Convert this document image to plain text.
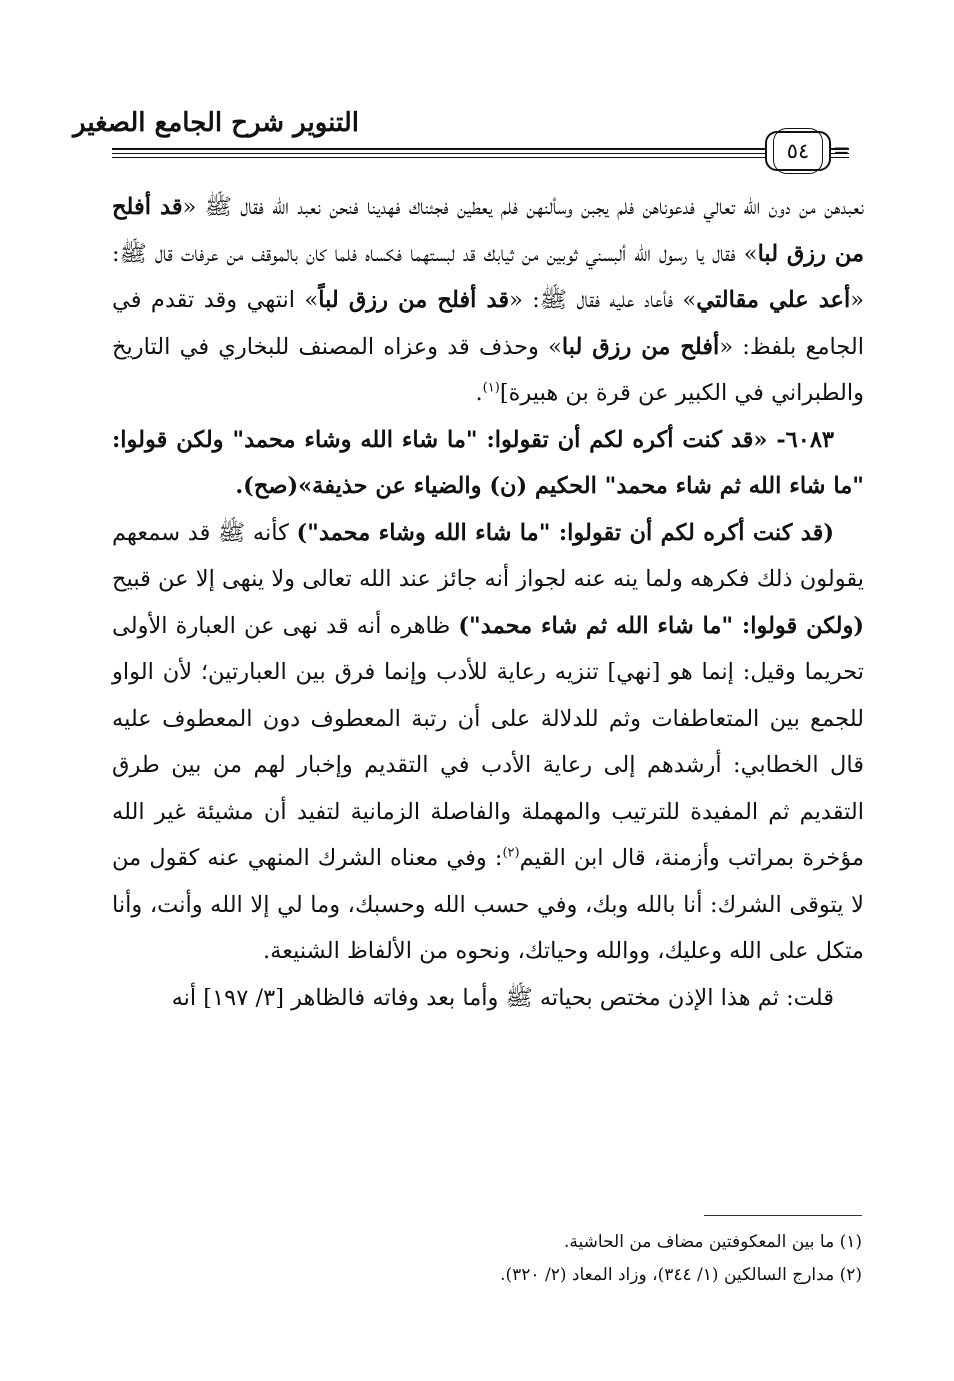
التنوير شرح الجامع الصغير
٥٤	=

نعبدهن من دون الله تعالي فدعوناهن فلم يجبن وسألنهن فلم يعطين فجئناك فهدينا فنحن نعبد الله فقال ﷺ «قد أفلح من رزق لبا» فقال يا رسول الله ألبسني ثوبين من ثيابك قد لبستهما فكساه فلما كان بالموقف من عرفات قال ﷺ: «أعد علي مقالتي» فأعاد عليه فقال ﷺ: «قد أفلح من رزق لباً» انتهي وقد تقدم في الجامع بلفظ: «أفلح من رزق لبا» وحذف قد وعزاه المصنف للبخاري في التاريخ والطبراني في الكبير عن قرة بن هبيرة]$^{(١)}$.

٦٠٨٣- «قد كنت أكره لكم أن تقولوا: "ما شاء الله وشاء محمد" ولكن قولوا: "ما شاء الله ثم شاء محمد" الحكيم (ن) والضياء عن حذيفة»(صح).

(قد كنت أكره لكم أن تقولوا: "ما شاء الله وشاء محمد") كأنه ﷺ قد سمعهم يقولون ذلك فكرهه ولما ينه عنه لجواز أنه جائز عند الله تعالى ولا ينهى إلا عن قبيح (ولكن قولوا: "ما شاء الله ثم شاء محمد") ظاهره أنه قد نهى عن العبارة الأولى تحريما وقيل: إنما هو [نهي] تنزيه رعاية للأدب وإنما فرق بين العبارتين؛ لأن الواو للجمع بين المتعاطفات وثم للدلالة على أن رتبة المعطوف دون المعطوف عليه قال الخطابي: أرشدهم إلى رعاية الأدب في التقديم وإخبار لهم من بين طرق التقديم ثم المفيدة للترتيب والمهملة والفاصلة الزمانية لتفيد أن مشيئة غير الله مؤخرة بمراتب وأزمنة، قال ابن القيم$^{(٢)}$: وفي معناه الشرك المنهي عنه كقول من لا يتوقى الشرك: أنا بالله وبك، وفي حسب الله وحسبك، وما لي إلا الله وأنت، وأنا متكل على الله وعليك، ووالله وحياتك، ونحوه من الألفاظ الشنيعة.

قلت: ثم هذا الإذن مختص بحياته ﷺ وأما بعد وفاته فالظاهر [٣/ ١٩٧] أنه

(١) ما بين المعكوفتين مضاف من الحاشية.

(٢) مدارج السالكين (١/ ٣٤٤)، وزاد المعاد (٢/ ٣٢٠).
